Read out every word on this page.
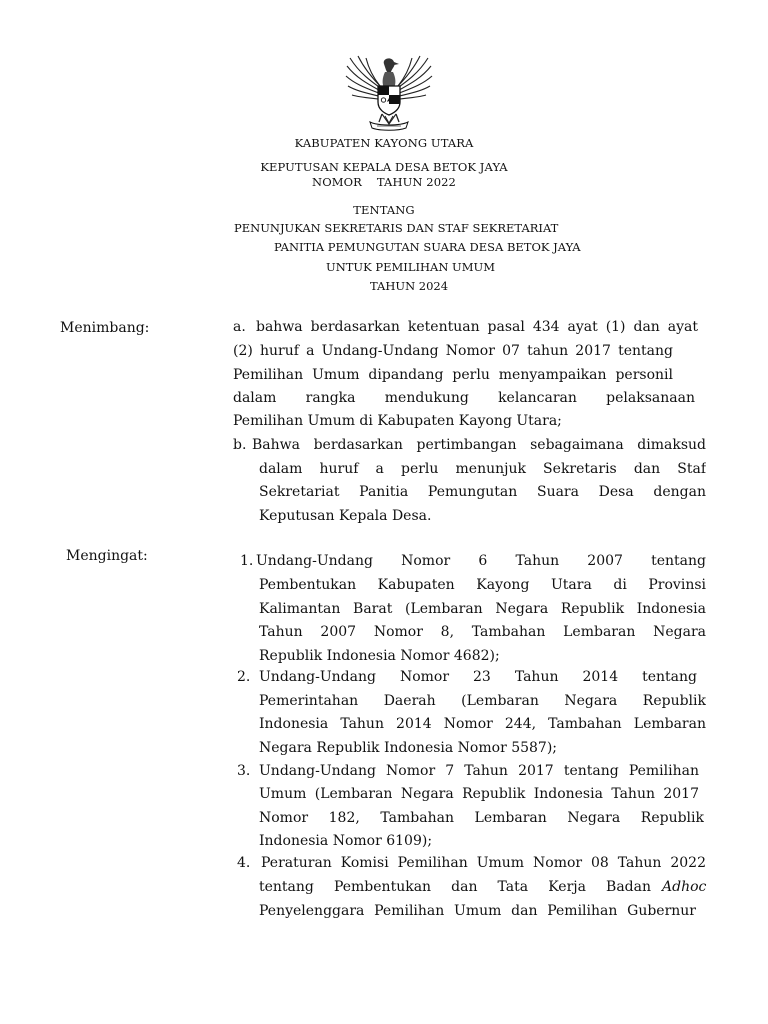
KABUPATEN KAYONG UTARA
KEPUTUSAN KEPALA DESA BETOK JAYA
NOMOR    TAHUN 2022
TENTANG
PENUNJUKAN SEKRETARIS DAN STAF SEKRETARIAT
PANITIA PEMUNGUTAN SUARA DESA BETOK JAYA
UNTUK PEMILIHAN UMUM
TAHUN 2024
Menimbang:	a. bahwa berdasarkan ketentuan pasal 434 ayat (1) dan ayat
(2) huruf a Undang-Undang Nomor 07 tahun 2017 tentang
Pemilihan Umum dipandang perlu menyampaikan personil
dalam rangka mendukung kelancaran pelaksanaan
Pemilihan Umum di Kabupaten Kayong Utara;
b. Bahwa berdasarkan pertimbangan sebagaimana dimaksud
dalam huruf a perlu menunjuk Sekretaris dan Staf
Sekretariat Panitia Pemungutan Suara Desa dengan
Keputusan Kepala Desa.
Mengingat:	1. Undang-Undang Nomor 6 Tahun 2007 tentang
Pembentukan Kabupaten Kayong Utara di Provinsi
Kalimantan Barat (Lembaran Negara Republik Indonesia
Tahun 2007 Nomor 8, Tambahan Lembaran Negara
Republik Indonesia Nomor 4682);
2. Undang-Undang Nomor 23 Tahun 2014 tentang
Pemerintahan Daerah (Lembaran Negara Republik
Indonesia Tahun 2014 Nomor 244, Tambahan Lembaran
Negara Republik Indonesia Nomor 5587);
3. Undang-Undang Nomor 7 Tahun 2017 tentang Pemilihan
Umum (Lembaran Negara Republik Indonesia Tahun 2017
Nomor 182, Tambahan Lembaran Negara Republik
Indonesia Nomor 6109);
4. Peraturan Komisi Pemilihan Umum Nomor 08 Tahun 2022
tentang Pembentukan dan Tata Kerja Badan Adhoc
Penyelenggara Pemilihan Umum dan Pemilihan Gubernur
